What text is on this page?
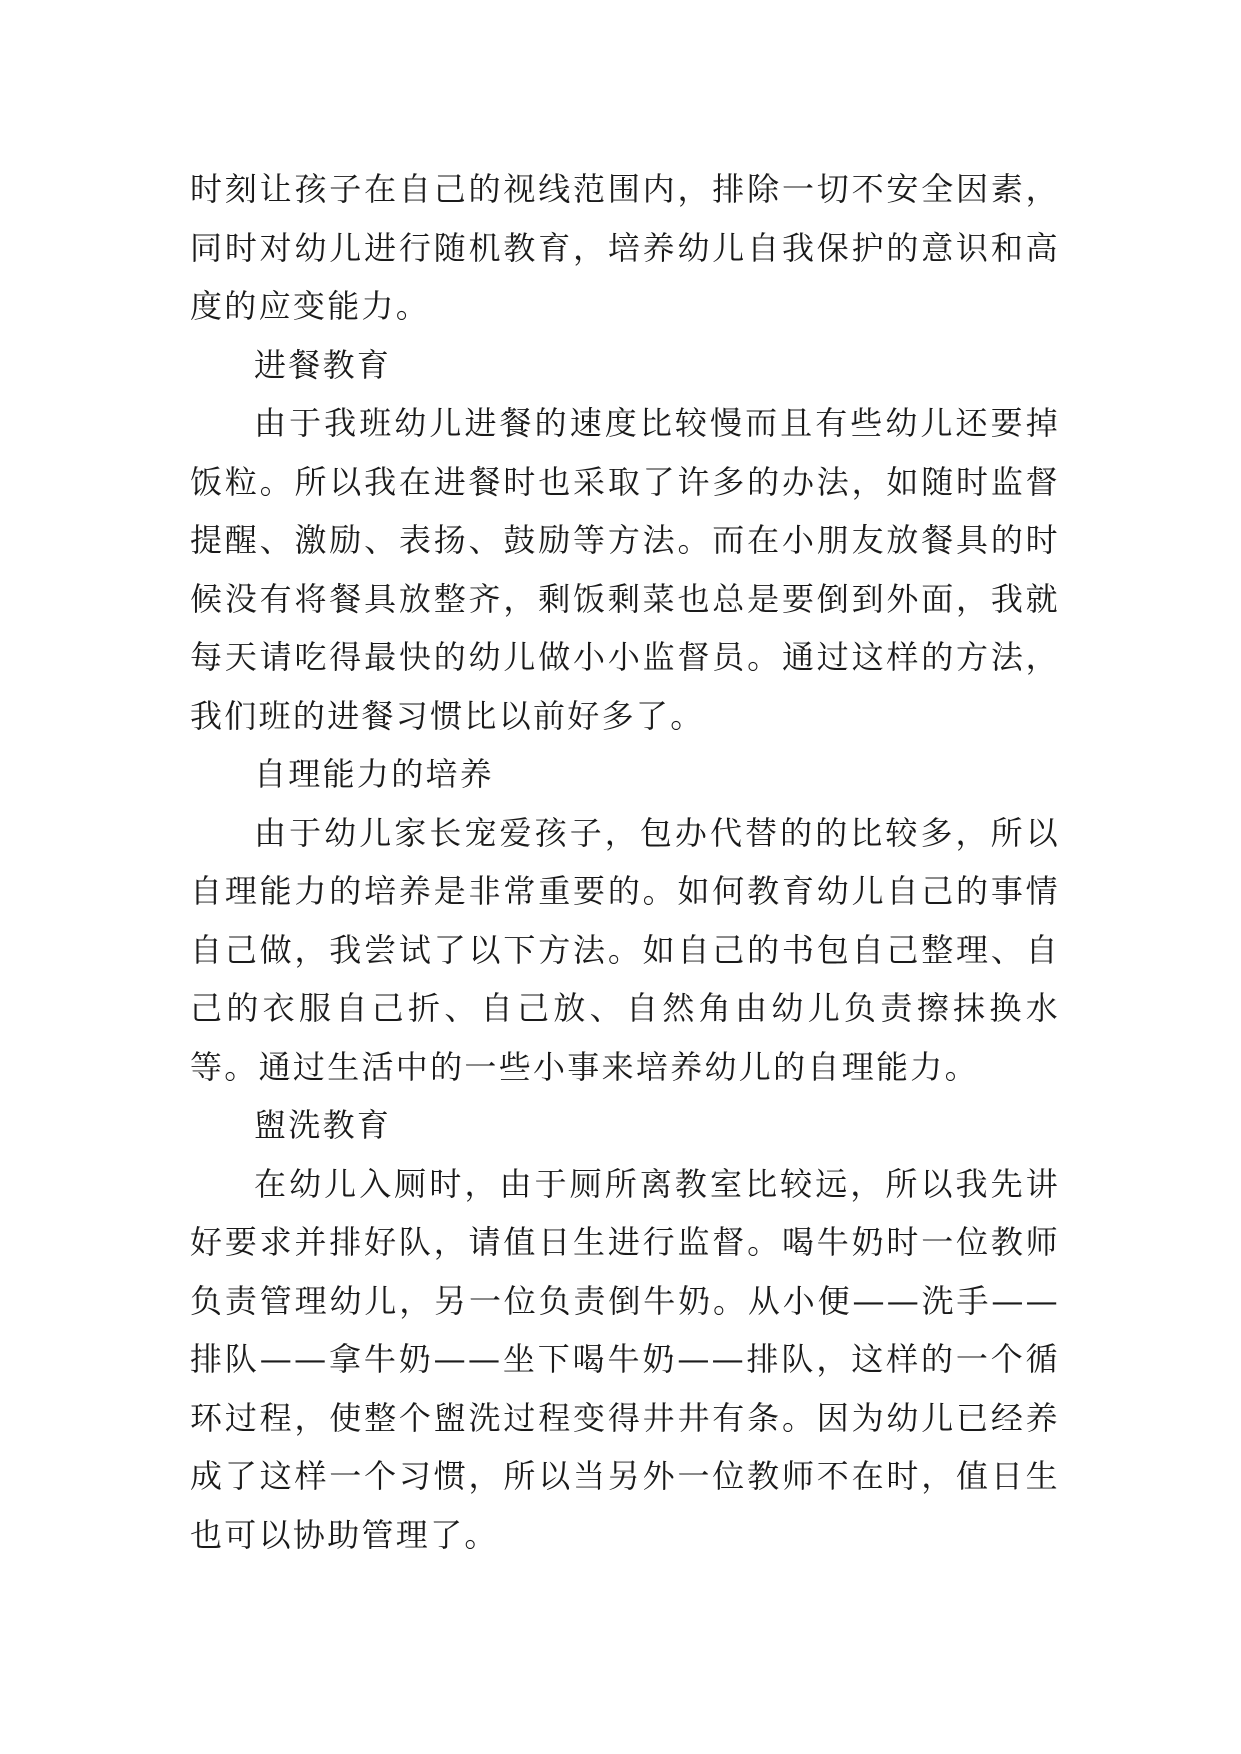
时刻让孩子在自己的视线范围内，排除一切不安全因素，同时对幼儿进行随机教育，培养幼儿自我保护的意识和高度的应变能力。

进餐教育

由于我班幼儿进餐的速度比较慢而且有些幼儿还要掉饭粒。所以我在进餐时也采取了许多的办法，如随时监督提醒、激励、表扬、鼓励等方法。而在小朋友放餐具的时候没有将餐具放整齐，剩饭剩菜也总是要倒到外面，我就每天请吃得最快的幼儿做小小监督员。通过这样的方法，我们班的进餐习惯比以前好多了。

自理能力的培养

由于幼儿家长宠爱孩子，包办代替的的比较多，所以自理能力的培养是非常重要的。如何教育幼儿自己的事情自己做，我尝试了以下方法。如自己的书包自己整理、自己的衣服自己折、自己放、自然角由幼儿负责擦抹换水等。通过生活中的一些小事来培养幼儿的自理能力。

盥洗教育

在幼儿入厕时，由于厕所离教室比较远，所以我先讲好要求并排好队，请值日生进行监督。喝牛奶时一位教师负责管理幼儿，另一位负责倒牛奶。从小便——洗手——排队——拿牛奶——坐下喝牛奶——排队，这样的一个循环过程，使整个盥洗过程变得井井有条。因为幼儿已经养成了这样一个习惯，所以当另外一位教师不在时，值日生也可以协助管理了。
